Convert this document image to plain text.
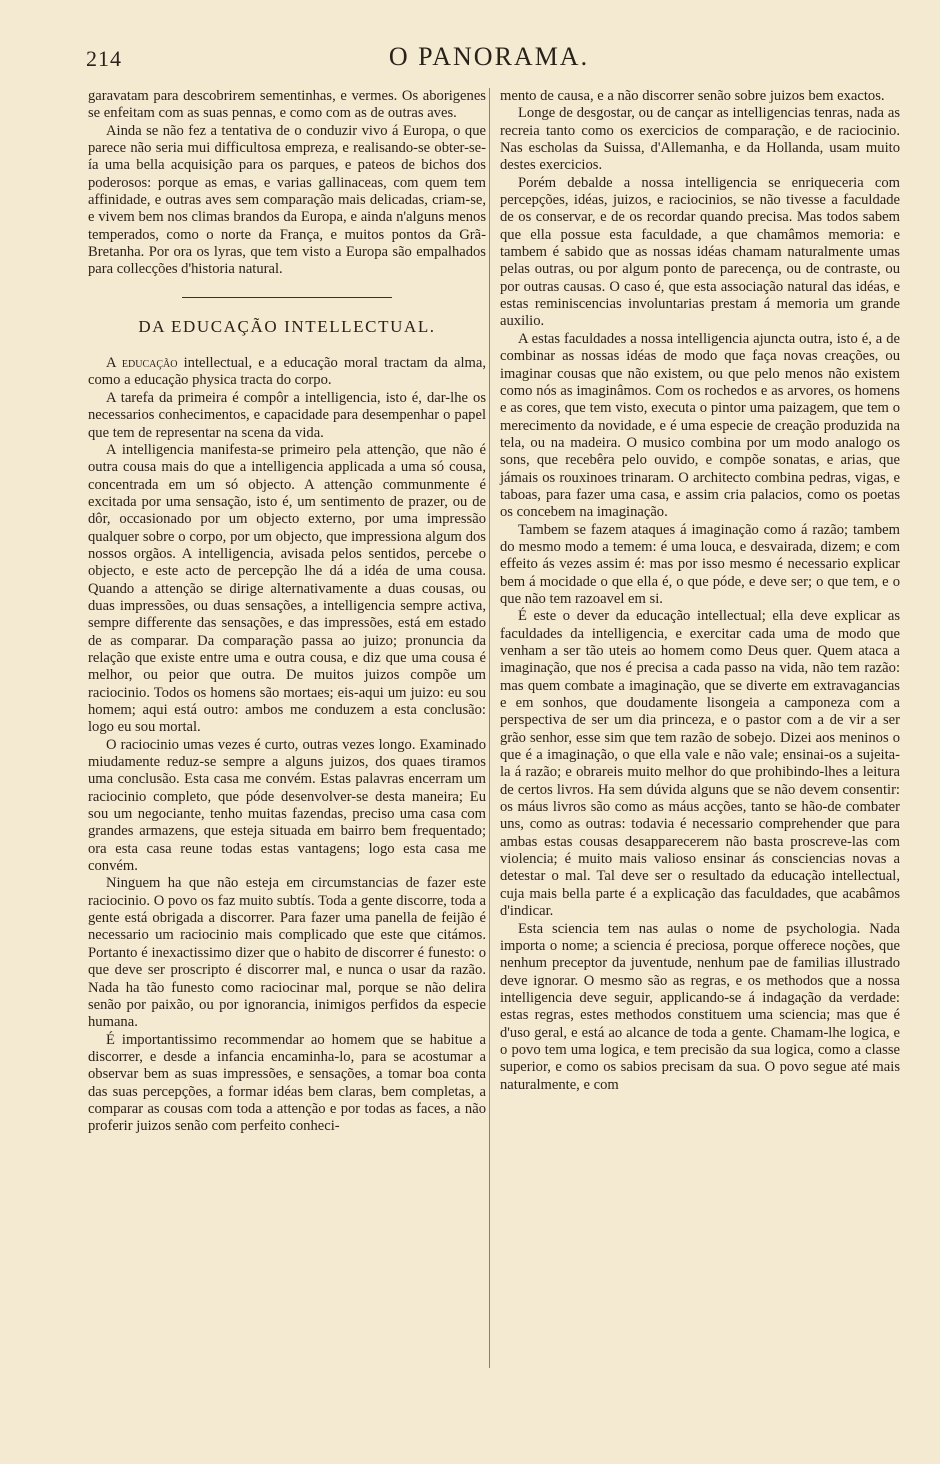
214	O PANORAMA.

garavatam para descobrirem sementinhas, e vermes. Os aborigenes se enfeitam com as suas pennas, e como com as de outras aves.

Ainda se não fez a tentativa de o conduzir vivo á Europa, o que parece não seria mui difficultosa empreza, e realisando-se obter-se-ía uma bella acquisição para os parques, e pateos de bichos dos poderosos: porque as emas, e varias gallinaceas, com quem tem affinidade, e outras aves sem comparação mais delicadas, criam-se, e vivem bem nos climas brandos da Europa, e ainda n'alguns menos temperados, como o norte da França, e muitos pontos da Grã-Bretanha. Por ora os lyras, que tem visto a Europa são empalhados para collecções d'historia natural.

DA EDUCAÇÃO INTELLECTUAL.

A educação intellectual, e a educação moral tractam da alma, como a educação physica tracta do corpo.

A tarefa da primeira é compôr a intelligencia, isto é, dar-lhe os necessarios conhecimentos, e capacidade para desempenhar o papel que tem de representar na scena da vida.

A intelligencia manifesta-se primeiro pela attenção, que não é outra cousa mais do que a intelligencia applicada a uma só cousa, concentrada em um só objecto. A attenção communmente é excitada por uma sensação, isto é, um sentimento de prazer, ou de dôr, occasionado por um objecto externo, por uma impressão qualquer sobre o corpo, por um objecto, que impressiona algum dos nossos orgãos. A intelligencia, avisada pelos sentidos, percebe o objecto, e este acto de percepção lhe dá a idéa de uma cousa. Quando a attenção se dirige alternativamente a duas cousas, ou duas impressões, ou duas sensações, a intelligencia sempre activa, sempre differente das sensações, e das impressões, está em estado de as comparar. Da comparação passa ao juizo; pronuncia da relação que existe entre uma e outra cousa, e diz que uma cousa é melhor, ou peior que outra. De muitos juizos compõe um raciocinio. Todos os homens são mortaes; eis-aqui um juizo: eu sou homem; aqui está outro: ambos me conduzem a esta conclusão: logo eu sou mortal.

O raciocinio umas vezes é curto, outras vezes longo. Examinado miudamente reduz-se sempre a alguns juizos, dos quaes tiramos uma conclusão. Esta casa me convém. Estas palavras encerram um raciocinio completo, que póde desenvolver-se desta maneira; Eu sou um negociante, tenho muitas fazendas, preciso uma casa com grandes armazens, que esteja situada em bairro bem frequentado; ora esta casa reune todas estas vantagens; logo esta casa me convém.

Ninguem ha que não esteja em circumstancias de fazer este raciocinio. O povo os faz muito subtís. Toda a gente discorre, toda a gente está obrigada a discorrer. Para fazer uma panella de feijão é necessario um raciocinio mais complicado que este que citámos. Portanto é inexactissimo dizer que o habito de discorrer é funesto: o que deve ser proscripto é discorrer mal, e nunca o usar da razão. Nada ha tão funesto como raciocinar mal, porque se não delira senão por paixão, ou por ignorancia, inimigos perfidos da especie humana.

É importantissimo recommendar ao homem que se habitue a discorrer, e desde a infancia encaminha-lo, para se acostumar a observar bem as suas impressões, e sensações, a tomar boa conta das suas percepções, a formar idéas bem claras, bem completas, a comparar as cousas com toda a attenção e por todas as faces, a não proferir juizos senão com perfeito conheci-

mento de causa, e a não discorrer senão sobre juizos bem exactos.

Longe de desgostar, ou de cançar as intelligencias tenras, nada as recreia tanto como os exercicios de comparação, e de raciocinio. Nas escholas da Suissa, d'Allemanha, e da Hollanda, usam muito destes exercicios.

Porém debalde a nossa intelligencia se enriqueceria com percepções, idéas, juizos, e raciocinios, se não tivesse a faculdade de os conservar, e de os recordar quando precisa. Mas todos sabem que ella possue esta faculdade, a que chamâmos memoria: e tambem é sabido que as nossas idéas chamam naturalmente umas pelas outras, ou por algum ponto de parecença, ou de contraste, ou por outras causas. O caso é, que esta associação natural das idéas, e estas reminiscencias involuntarias prestam á memoria um grande auxilio.

A estas faculdades a nossa intelligencia ajuncta outra, isto é, a de combinar as nossas idéas de modo que faça novas creações, ou imaginar cousas que não existem, ou que pelo menos não existem como nós as imaginâmos. Com os rochedos e as arvores, os homens e as cores, que tem visto, executa o pintor uma paizagem, que tem o merecimento da novidade, e é uma especie de creação produzida na tela, ou na madeira. O musico combina por um modo analogo os sons, que recebêra pelo ouvido, e compõe sonatas, e arias, que jámais os rouxinoes trinaram. O architecto combina pedras, vigas, e taboas, para fazer uma casa, e assim cria palacios, como os poetas os concebem na imaginação.

Tambem se fazem ataques á imaginação como á razão; tambem do mesmo modo a temem: é uma louca, e desvairada, dizem; e com effeito ás vezes assim é: mas por isso mesmo é necessario explicar bem á mocidade o que ella é, o que póde, e deve ser; o que tem, e o que não tem razoavel em si.

É este o dever da educação intellectual; ella deve explicar as faculdades da intelligencia, e exercitar cada uma de modo que venham a ser tão uteis ao homem como Deus quer. Quem ataca a imaginação, que nos é precisa a cada passo na vida, não tem razão: mas quem combate a imaginação, que se diverte em extravagancias e em sonhos, que doudamente lisongeia a camponeza com a perspectiva de ser um dia princeza, e o pastor com a de vir a ser grão senhor, esse sim que tem razão de sobejo. Dizei aos meninos o que é a imaginação, o que ella vale e não vale; ensinai-os a sujeita-la á razão; e obrareis muito melhor do que prohibindo-lhes a leitura de certos livros. Ha sem dúvida alguns que se não devem consentir: os máus livros são como as máus acções, tanto se hão-de combater uns, como as outras: todavia é necessario comprehender que para ambas estas cousas desapparecerem não basta proscreve-las com violencia; é muito mais valioso ensinar ás consciencias novas a detestar o mal. Tal deve ser o resultado da educação intellectual, cuja mais bella parte é a explicação das faculdades, que acabâmos d'indicar.

Esta sciencia tem nas aulas o nome de psychologia. Nada importa o nome; a sciencia é preciosa, porque offerece noções, que nenhum preceptor da juventude, nenhum pae de familias illustrado deve ignorar. O mesmo são as regras, e os methodos que a nossa intelligencia deve seguir, applicando-se á indagação da verdade: estas regras, estes methodos constituem uma sciencia; mas que é d'uso geral, e está ao alcance de toda a gente. Chamam-lhe logica, e o povo tem uma logica, e tem precisão da sua logica, como a classe superior, e como os sabios precisam da sua. O povo segue até mais naturalmente, e com
